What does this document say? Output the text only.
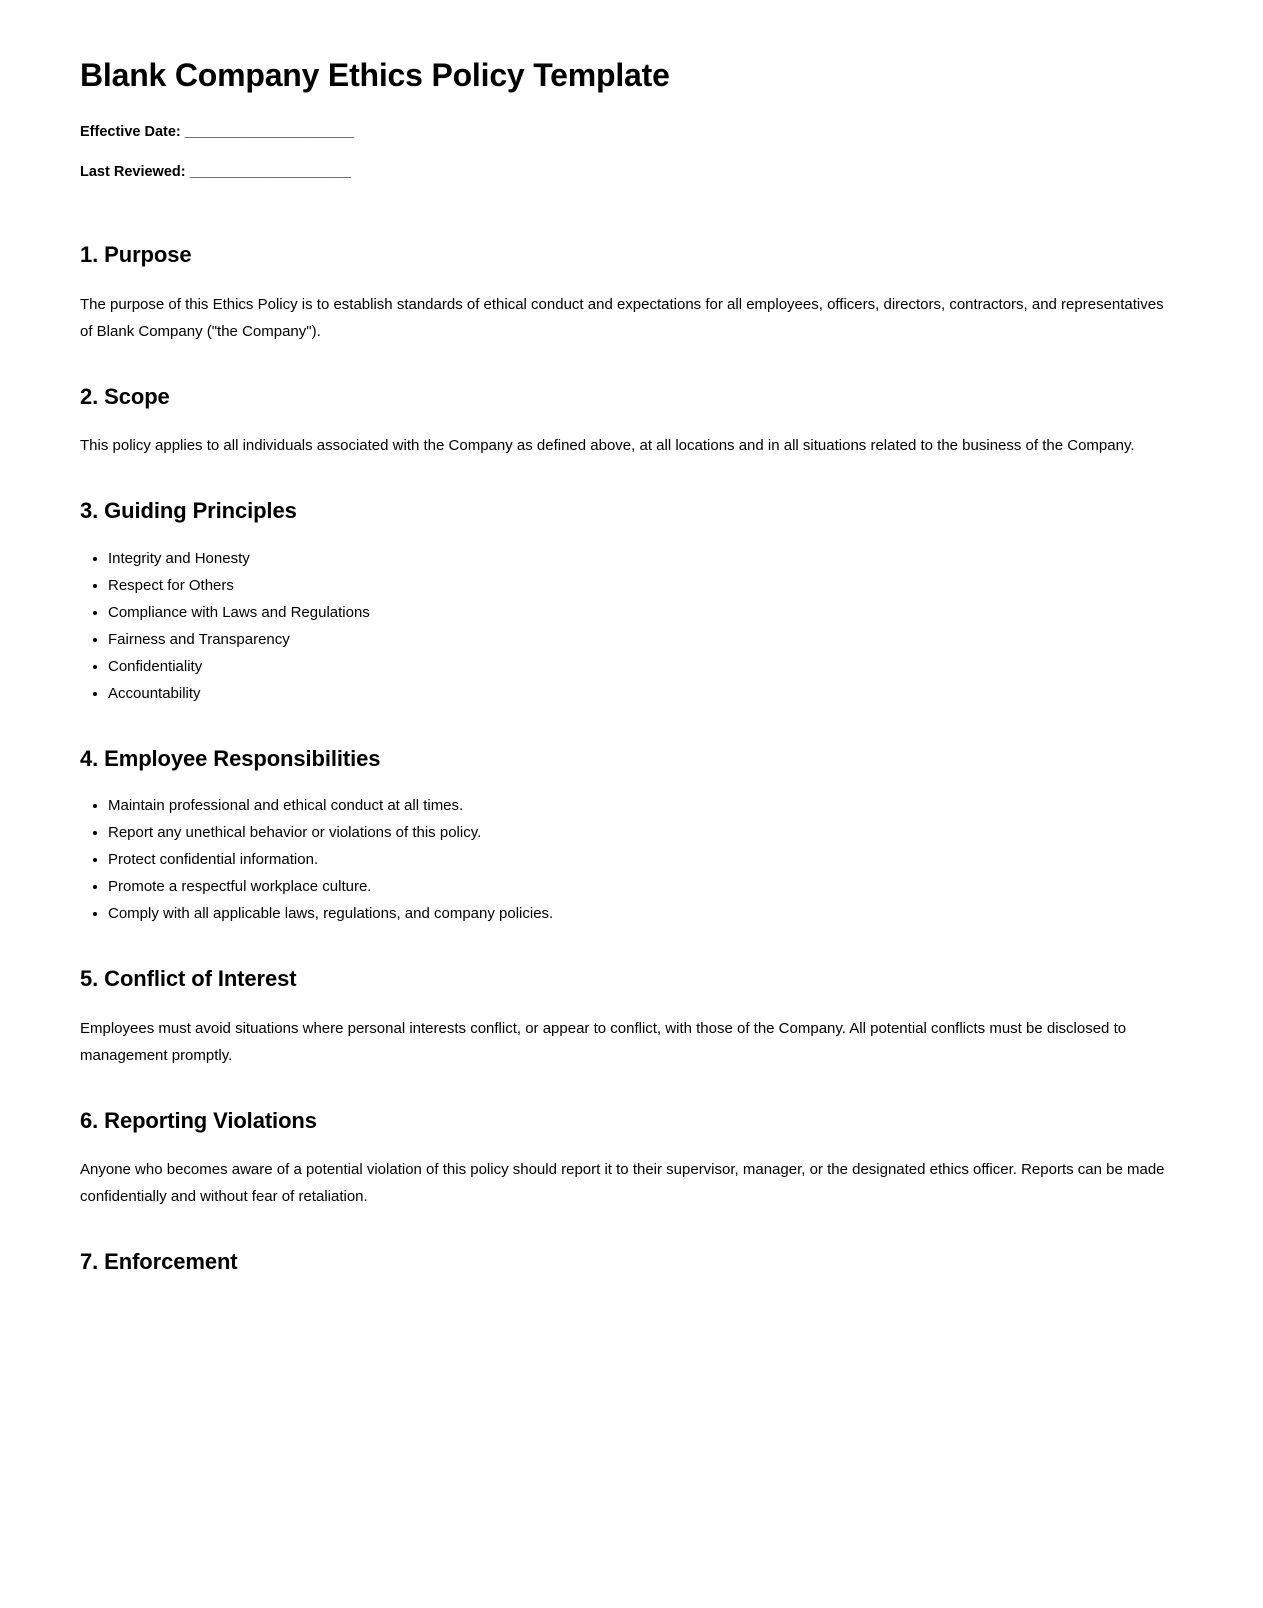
Blank Company Ethics Policy Template

Effective Date: _____________________

Last Reviewed: ____________________

1. Purpose

The purpose of this Ethics Policy is to establish standards of ethical conduct and expectations for all employees, officers, directors, contractors, and representatives of Blank Company ("the Company").

2. Scope

This policy applies to all individuals associated with the Company as defined above, at all locations and in all situations related to the business of the Company.

3. Guiding Principles
• Integrity and Honesty
• Respect for Others
• Compliance with Laws and Regulations
• Fairness and Transparency
• Confidentiality
• Accountability
4. Employee Responsibilities
• Maintain professional and ethical conduct at all times.
• Report any unethical behavior or violations of this policy.
• Protect confidential information.
• Promote a respectful workplace culture.
• Comply with all applicable laws, regulations, and company policies.
5. Conflict of Interest

Employees must avoid situations where personal interests conflict, or appear to conflict, with those of the Company. All potential conflicts must be disclosed to management promptly.

6. Reporting Violations

Anyone who becomes aware of a potential violation of this policy should report it to their supervisor, manager, or the designated ethics officer. Reports can be made confidentially and without fear of retaliation.

7. Enforcement
